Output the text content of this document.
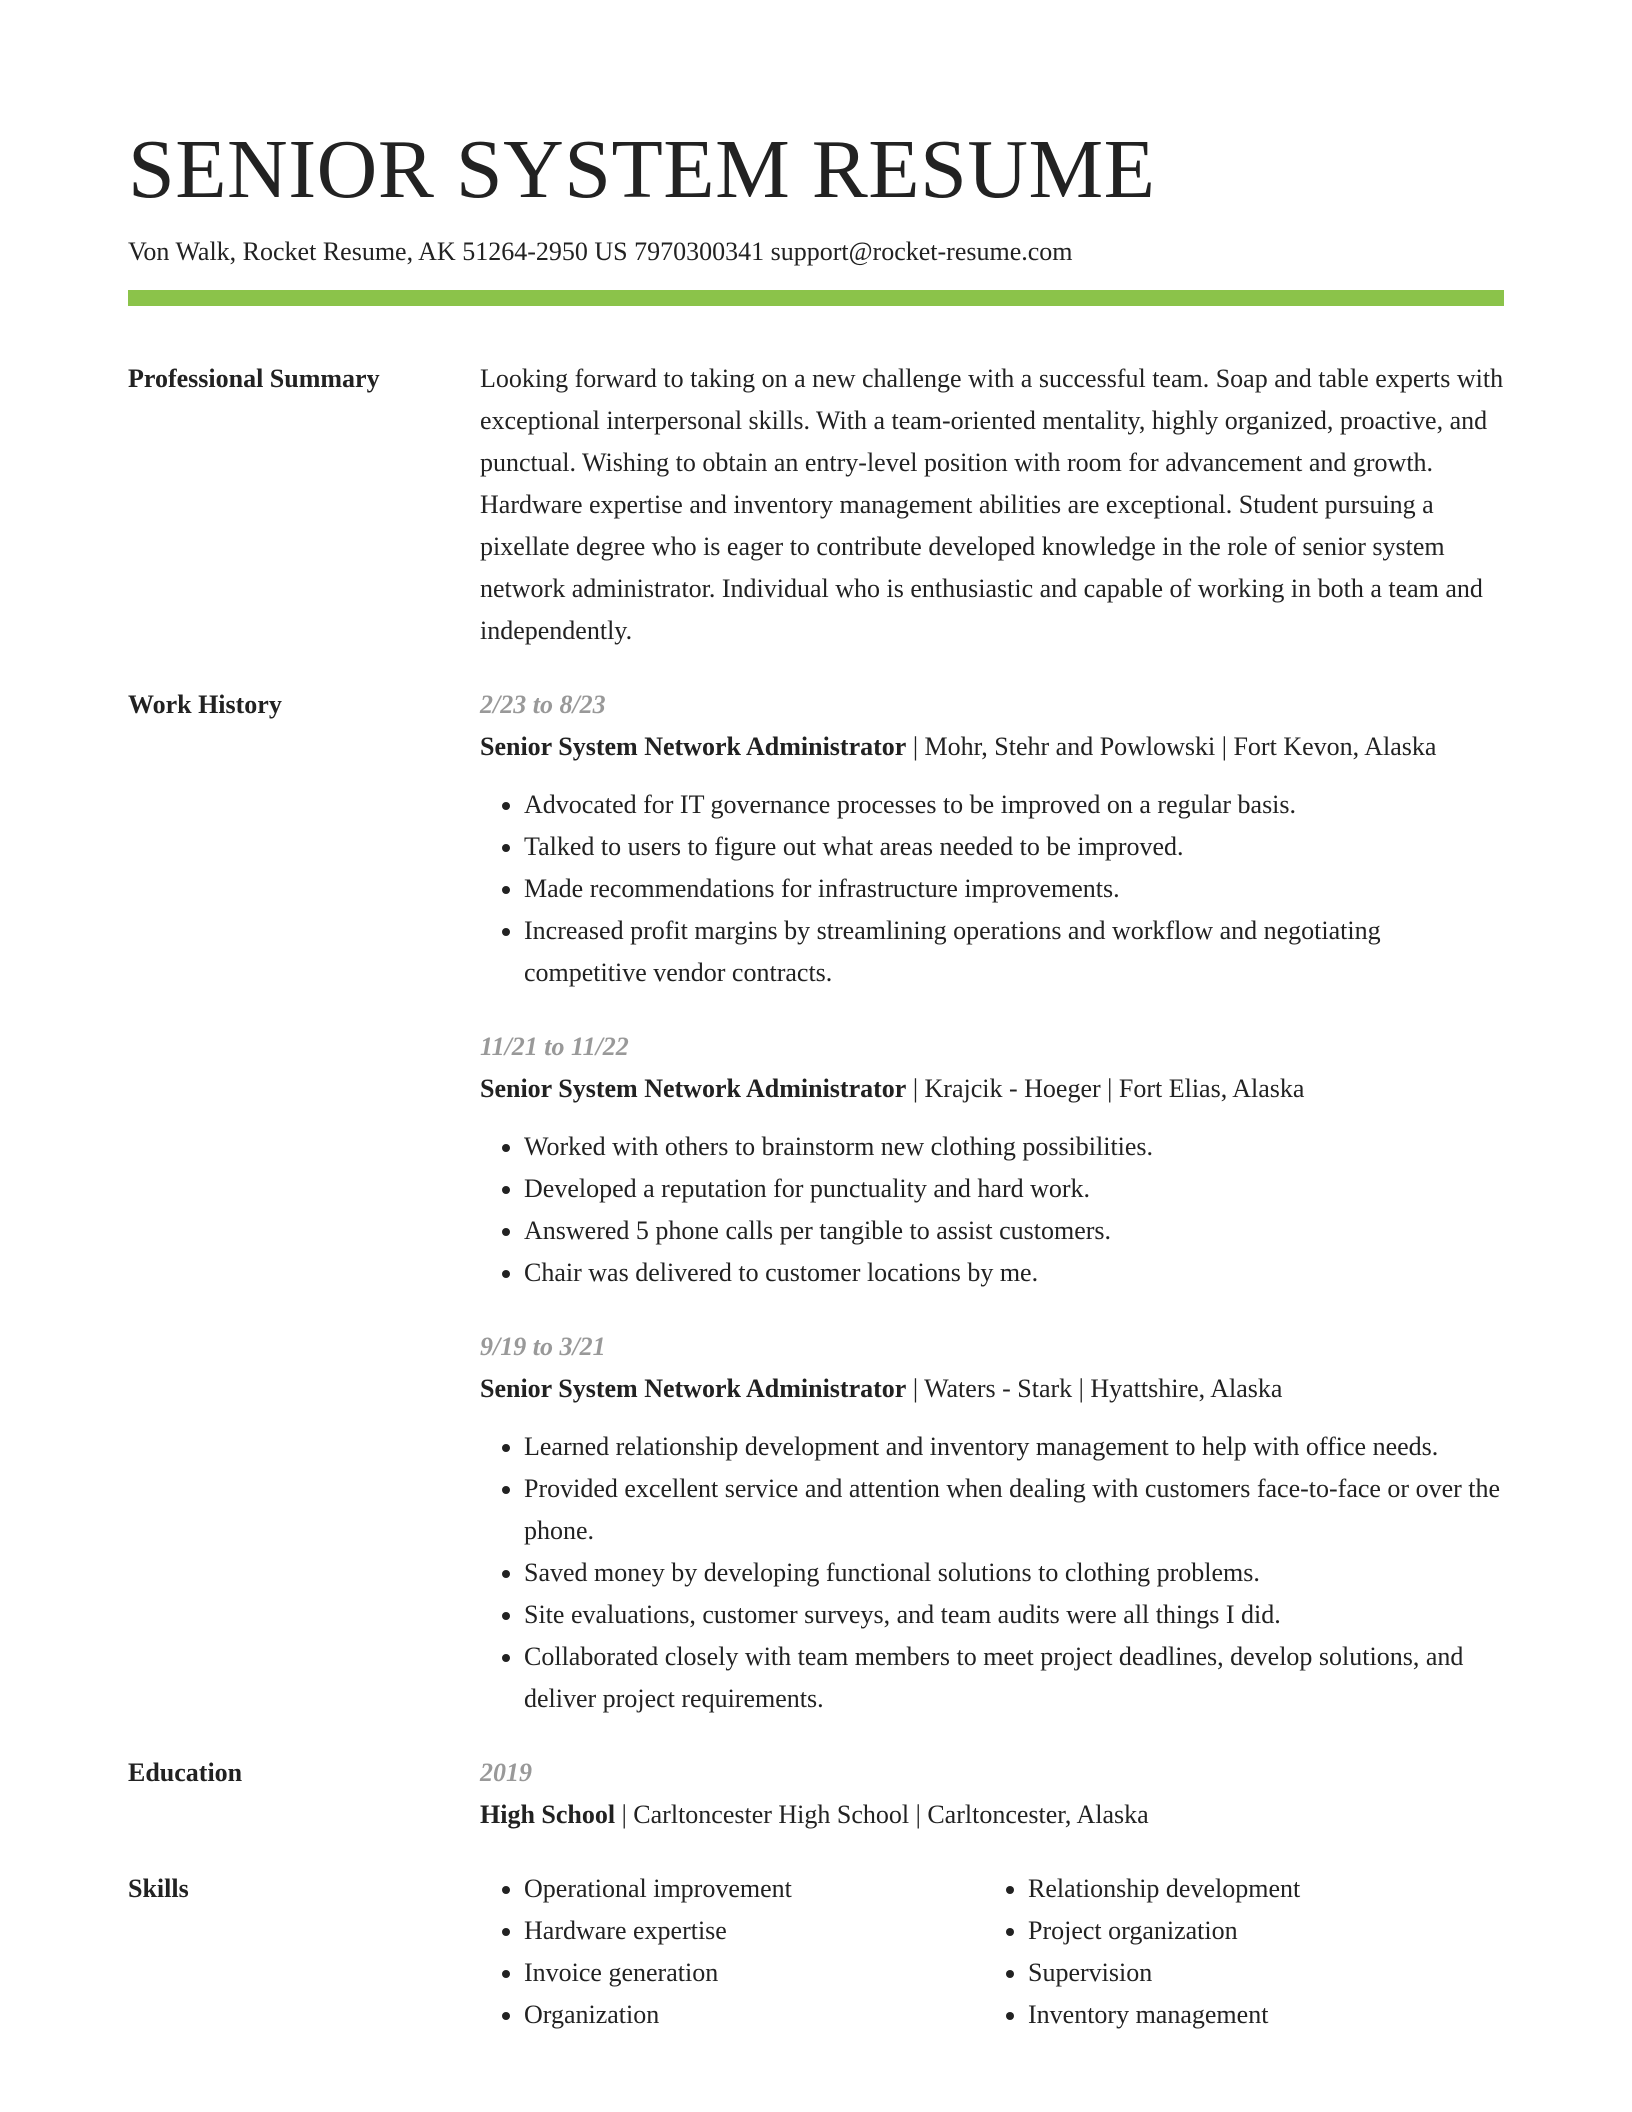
SENIOR SYSTEM RESUME
Von Walk, Rocket Resume, AK 51264-2950 US 7970300341 support@rocket-resume.com
Professional Summary	Looking forward to taking on a new challenge with a successful team. Soap and table experts with exceptional interpersonal skills. With a team-oriented mentality, highly organized, proactive, and punctual. Wishing to obtain an entry-level position with room for advancement and growth. Hardware expertise and inventory management abilities are exceptional. Student pursuing a pixellate degree who is eager to contribute developed knowledge in the role of senior system network administrator. Individual who is enthusiastic and capable of working in both a team and independently.

Work History	2/23 to 8/23
Senior System Network Administrator | Mohr, Stehr and Powlowski | Fort Kevon, Alaska
• Advocated for IT governance processes to be improved on a regular basis.
• Talked to users to figure out what areas needed to be improved.
• Made recommendations for infrastructure improvements.
• Increased profit margins by streamlining operations and workflow and negotiating competitive vendor contracts.
11/21 to 11/22
Senior System Network Administrator | Krajcik - Hoeger | Fort Elias, Alaska
• Worked with others to brainstorm new clothing possibilities.
• Developed a reputation for punctuality and hard work.
• Answered 5 phone calls per tangible to assist customers.
• Chair was delivered to customer locations by me.
9/19 to 3/21
Senior System Network Administrator | Waters - Stark | Hyattshire, Alaska
• Learned relationship development and inventory management to help with office needs.
• Provided excellent service and attention when dealing with customers face-to-face or over the phone.
• Saved money by developing functional solutions to clothing problems.
• Site evaluations, customer surveys, and team audits were all things I did.
• Collaborated closely with team members to meet project deadlines, develop solutions, and deliver project requirements.
Education	2019
High School | Carltoncester High School | Carltoncester, Alaska
Skills
•	Operational improvement
• Hardware expertise
• Invoice generation
• Organization
• Relationship development
• Project organization
• Supervision
• Inventory management
